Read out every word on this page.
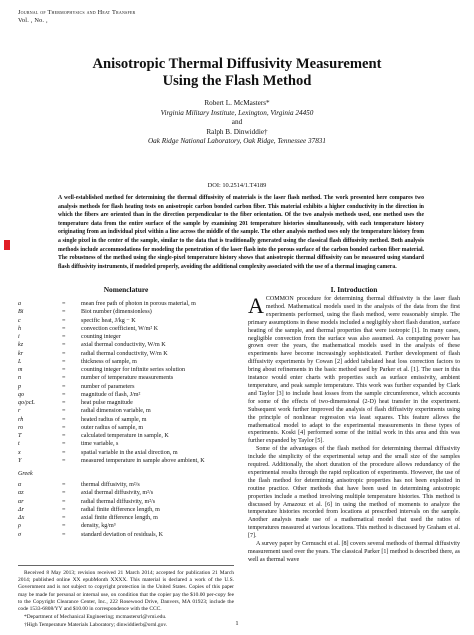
Journal of Thermophysics and Heat Transfer
Vol. , No. ,
Anisotropic Thermal Diffusivity Measurement
Using the Flash Method
Robert L. McMasters*
Virginia Military Institute, Lexington, Virginia 24450
and
Ralph B. Dinwiddie†
Oak Ridge National Laboratory, Oak Ridge, Tennessee 37831
DOI: 10.2514/1.T4189
A well-established method for determining the thermal diffusivity of materials is the laser flash method. The work presented here compares two analysis methods for flash heating tests on anisotropic carbon bonded carbon fiber. This material exhibits a higher conductivity in the direction in which the fibers are oriented than in the direction perpendicular to the fiber orientation. Of the two analysis methods used, one method uses the temperature data from the entire surface of the sample by examining 201 temperature histories simultaneously, with each temperature history originating from an individual pixel within a line across the middle of the sample. The other analysis method uses only the temperature history from a single pixel in the center of the sample, similar to the data that is traditionally generated using the classical flash diffusivity method. Both analysis methods include accommodations for modeling the penetration of the laser flash into the porous surface of the carbon bonded carbon fiber material. The robustness of the method using the single-pixel temperature history shows that anisotropic thermal diffusivity can be measured using standard flash diffusivity instruments, if modeled properly, avoiding the additional complexity associated with the use of a thermal imaging camera.
Nomenclature
a	=	mean free path of photon in porous material, m
Bi	=	Biot number (dimensionless)
c	=	specific heat, J/kg − K
h	=	convection coefficient, W/m² K
i	=	counting integer
kz	=	axial thermal conductivity, W/m K
kr	=	radial thermal conductivity, W/m K
L	=	thickness of sample, m
m	=	counting integer for infinite series solution
n	=	number of temperature measurements
p	=	number of parameters
qo	=	magnitude of flash, J/m²
qo/ρcL	=	heat pulse magnitude
r	=	radial dimension variable, m
rh	=	heated radius of sample, m
ro	=	outer radius of sample, m
T	=	calculated temperature in sample, K
t	=	time variable, s
x	=	spatial variable in the axial direction, m
Y	=	measured temperature in sample above ambient, K
Greek
α	=	thermal diffusivity, m²/s
αz	=	axial thermal diffusivity, m²/s
αr	=	radial thermal diffusivity, m²/s
Δr	=	radial finite difference length, m
Δx	=	axial finite difference length, m
ρ	=	density, kg/m³
σ	=	standard deviation of residuals, K

Received 8 May 2013; revision received 21 March 2014; accepted for publication 21 March 2014; published online XX epubMonth XXXX. This material is declared a work of the U.S. Government and is not subject to copyright protection in the United States. Copies of this paper may be made for personal or internal use, on condition that the copier pay the $10.00 per-copy fee to the Copyright Clearance Center, Inc., 222 Rosewood Drive, Danvers, MA 01923; include the code 1533-6808/YY and $10.00 in correspondence with the CCC.

*Department of Mechanical Engineering; mcmastersrl@vmi.edu.

†High Temperature Materials Laboratory; dinwiddierb@ornl.gov.	1
I. Introduction

ACOMMON procedure for determining thermal diffusivity is the laser flash method. Mathematical models used in the analysis of the data from the first experiments performed, using the flash method, were reasonably simple. The primary assumptions in these models included a negligibly short flash duration, surface heating of the sample, and thermal properties that were isotropic [1]. In many cases, negligible convection from the surface was also assumed. As computing power has grown over the years, the mathematical models used in the analysis of these experiments have become increasingly sophisticated. Further development of flash diffusivity experiments by Cowan [2] added tabulated heat loss correction factors to bring about refinements in the basic method used by Parker et al. [1]. The user in this instance would enter charts with properties such as surface emissivity, ambient temperature, and peak sample temperature. This work was further expanded by Clark and Taylor [3] to include heat losses from the sample circumference, which accounts for some of the effects of two-dimensional (2-D) heat transfer in the experiment. Subsequent work further improved the analysis of flash diffusivity experiments using the principle of nonlinear regression via least squares. This feature allows the mathematical model to adapt to the experimental measurements in these types of experiments. Koski [4] performed some of the initial work in this area and this was further expanded by Taylor [5].

Some of the advantages of the flash method for determining thermal diffusivity include the simplicity of the experimental setup and the small size of the samples required. Additionally, the short duration of the procedure allows redundancy of the experimental results through the rapid replication of experiments. However, the use of the flash method for determining anisotropic properties has not been exploited in routine practice. Other methods that have been used in determining anisotropic properties include a method involving multiple temperature histories. This method is discussed by Amazouz et al. [6] in using the method of moments to analyze the temperature histories recorded from locations at prescribed intervals on the sample. Another analysis made use of a mathematical model that used the ratios of temperatures measured at various locations. This method is discussed by Graham et al. [7].

A survey paper by Cernuschi et al. [8] covers several methods of thermal diffusivity measurement used over the years. The classical Parker [1] method is described there, as well as thermal wave
